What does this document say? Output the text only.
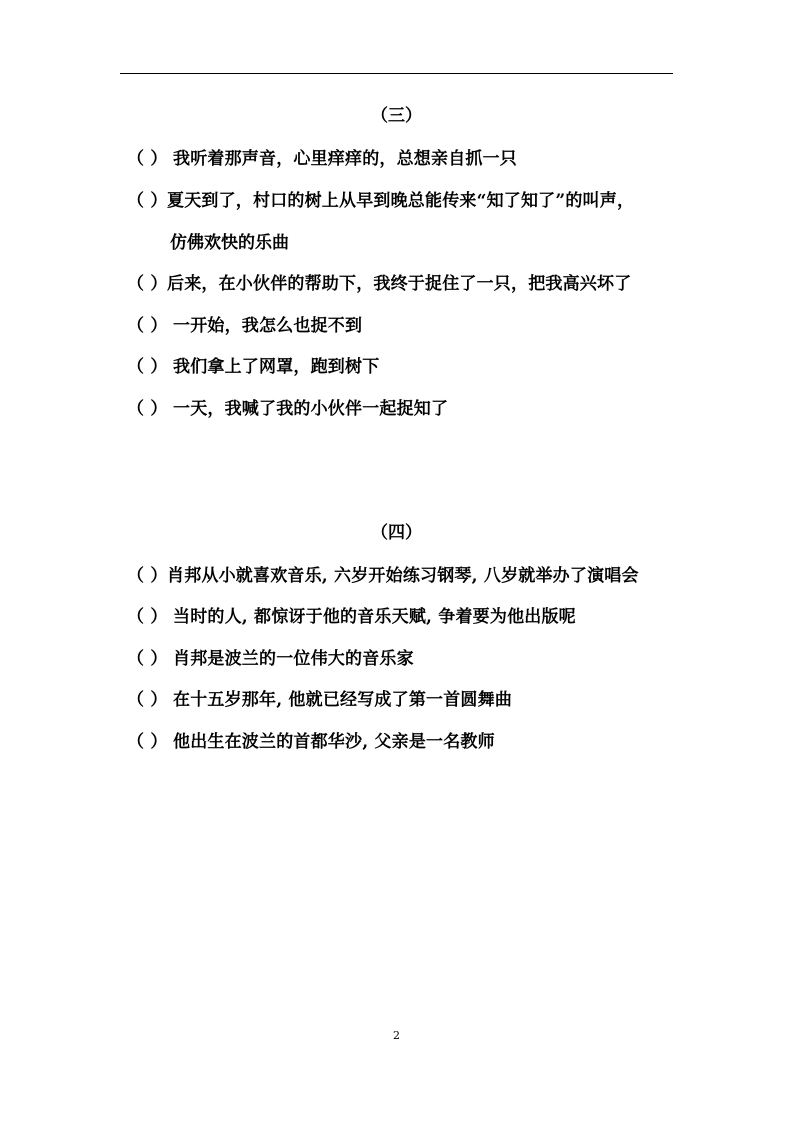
（三）
（ ） 我听着那声音，心里痒痒的，总想亲自抓一只
（ ）夏天到了，村口的树上从早到晚总能传来“知了知了”的叫声，
仿佛欢快的乐曲
（ ）后来，在小伙伴的帮助下，我终于捉住了一只，把我高兴坏了
（ ） 一开始，我怎么也捉不到
（ ） 我们拿上了网罩，跑到树下
（ ） 一天，我喊了我的小伙伴一起捉知了
（四）
（ ）肖邦从小就喜欢音乐, 六岁开始练习钢琴, 八岁就举办了演唱会
（ ） 当时的人, 都惊讶于他的音乐天赋, 争着要为他出版呢
（ ） 肖邦是波兰的一位伟大的音乐家
（ ） 在十五岁那年, 他就已经写成了第一首圆舞曲
（ ） 他出生在波兰的首都华沙, 父亲是一名教师
2
